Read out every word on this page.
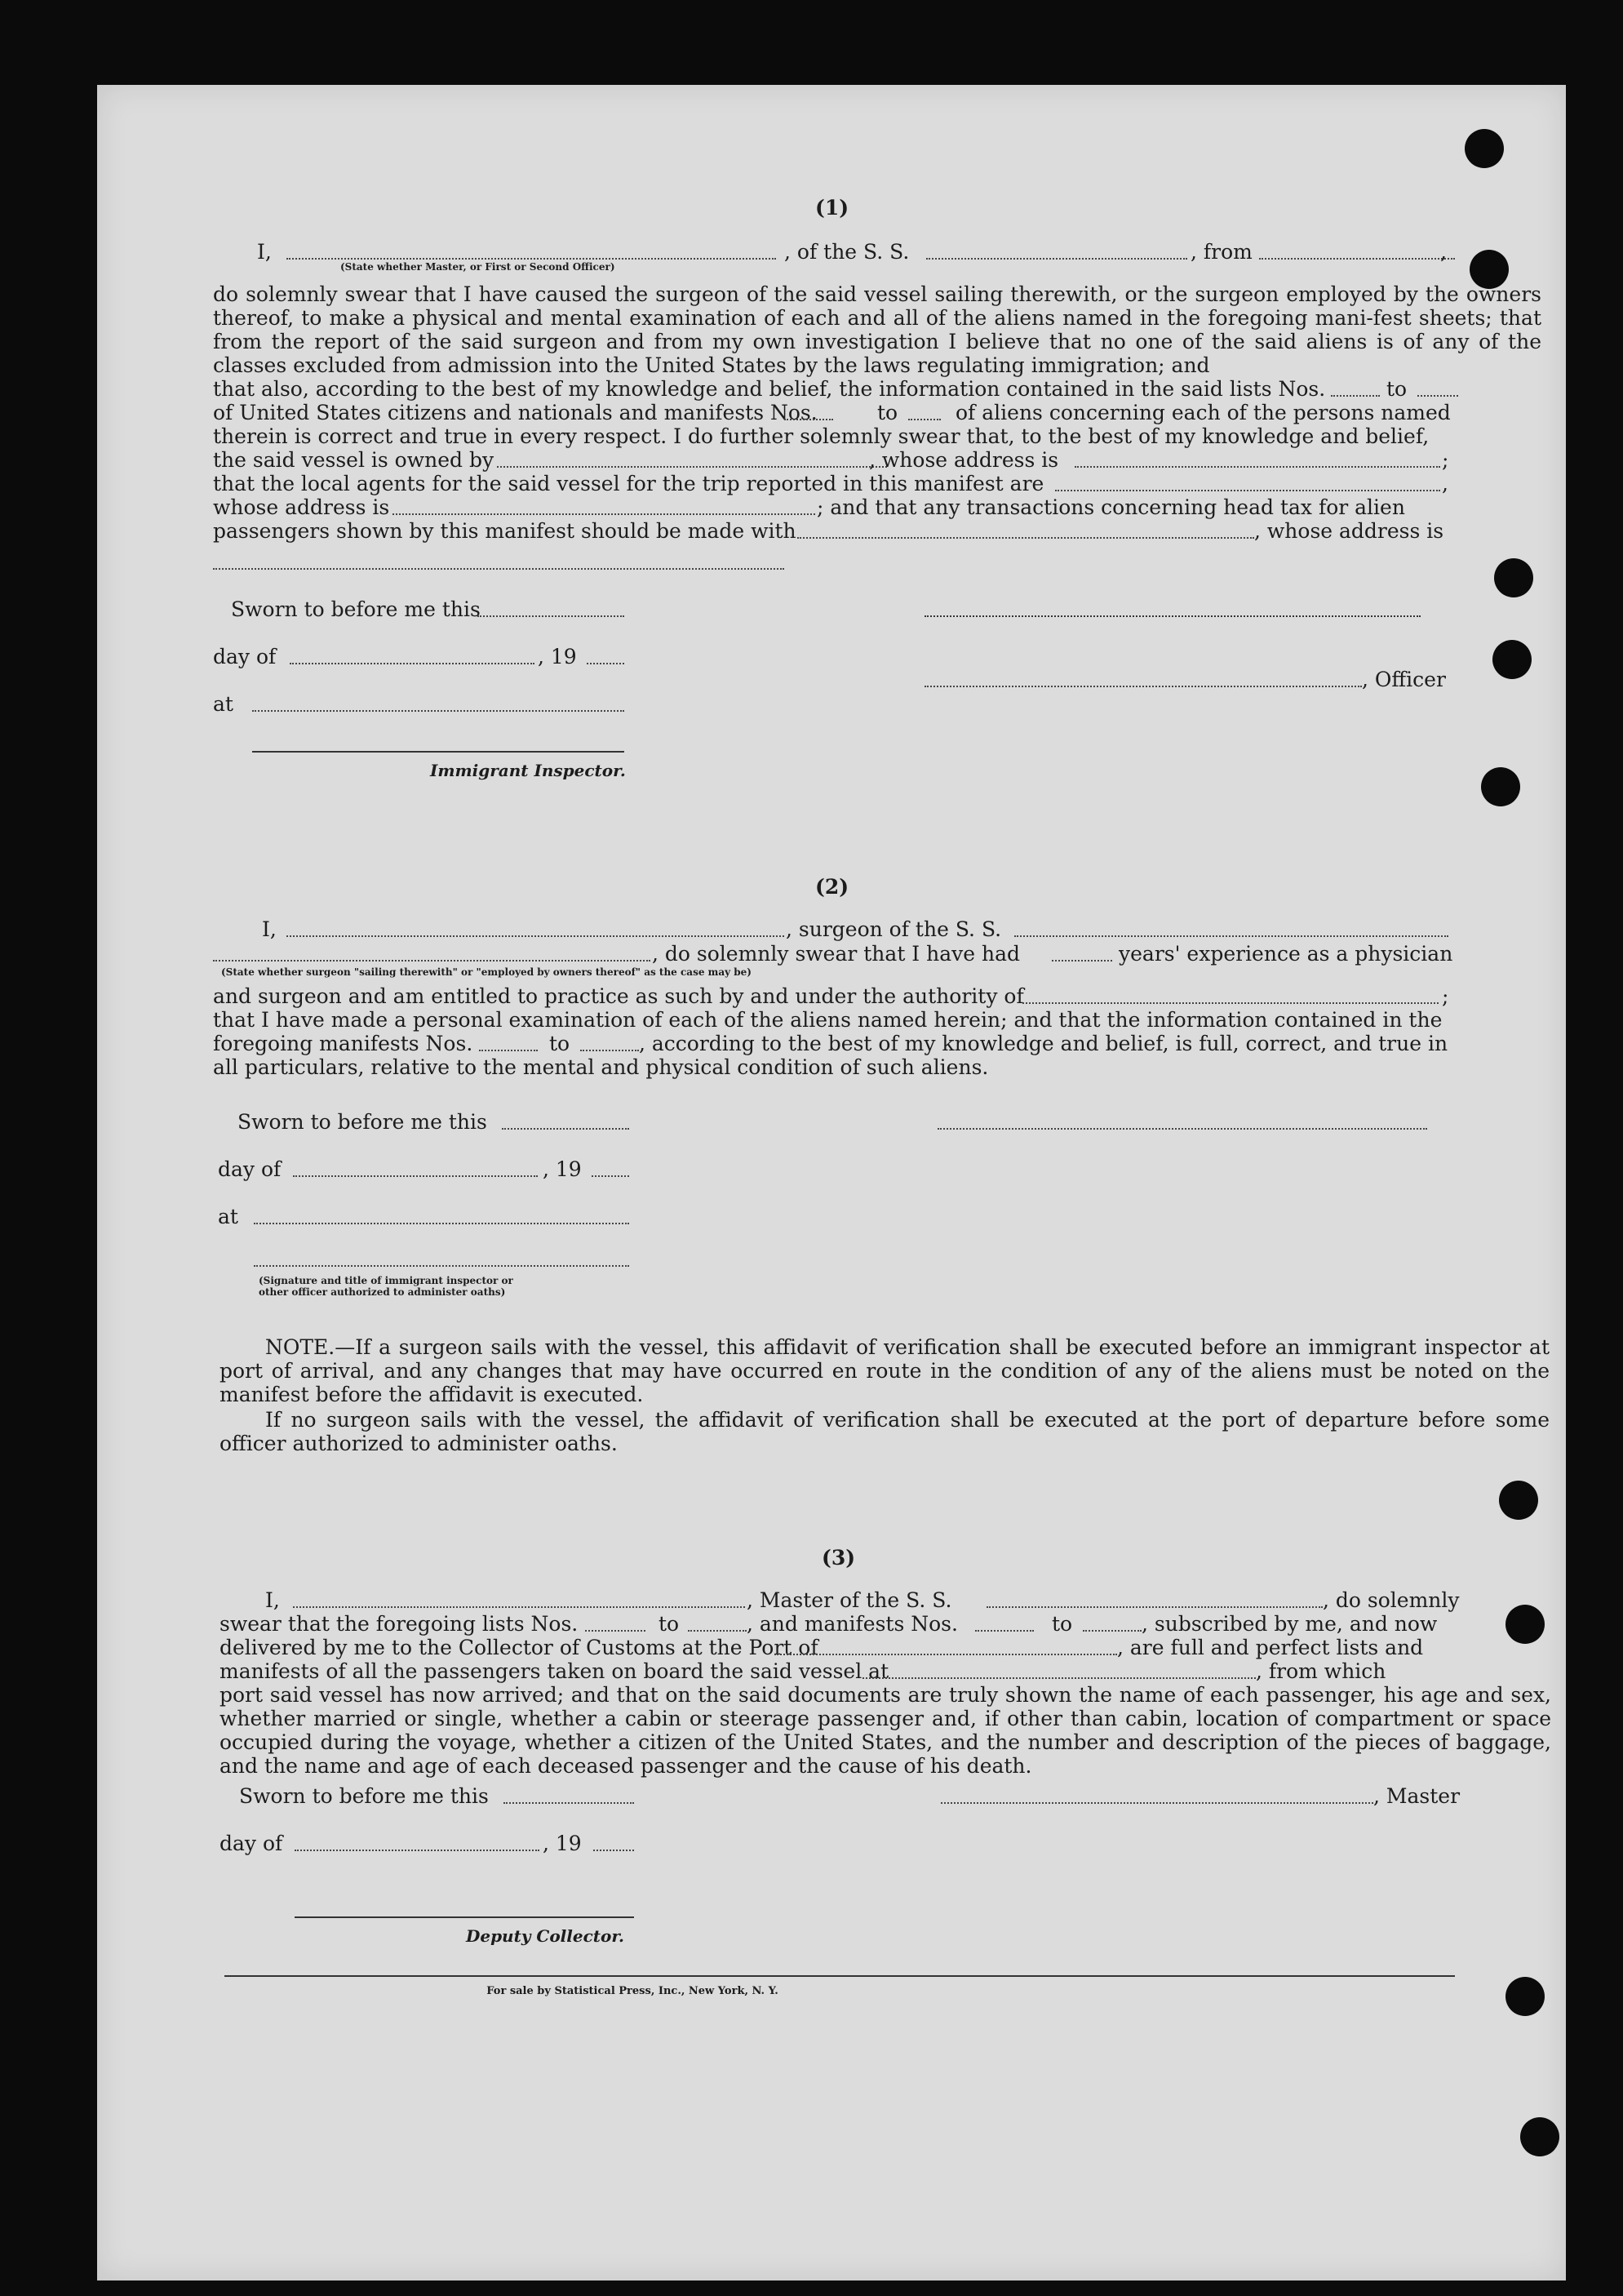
(1)
I,	, of the S. S.	, from	,
(State whether Master, or First or Second Officer)
do solemnly swear that I have caused the surgeon of the said vessel sailing therewith, or the surgeon employed by the owners thereof, to make a physical and mental examination of each and all of the aliens named in the foregoing mani-fest sheets; that from the report of the said surgeon and from my own investigation I believe that no one of the said aliens is of any of the classes excluded from admission into the United States by the laws regulating immigration; and
that also, according to the best of my knowledge and belief, the information contained in the said lists Nos.	to
of United States citizens and nationals and manifests Nos.	to	of aliens concerning each of the persons named
therein is correct and true in every respect. I do further solemnly swear that, to the best of my knowledge and belief,
the said vessel is owned by	, whose address is	;
that the local agents for the said vessel for the trip reported in this manifest are	,
whose address is	; and that any transactions concerning head tax for alien
passengers shown by this manifest should be made with	, whose address is
Sworn to before me this
day of	, 19
, Officer
at
Immigrant Inspector.
(2)
I,	, surgeon of the S. S.
, do solemnly swear that I have had	years' experience as a physician
(State whether surgeon "sailing therewith" or "employed by owners thereof" as the case may be)
and surgeon and am entitled to practice as such by and under the authority of	;
that I have made a personal examination of each of the aliens named herein; and that the information contained in the
foregoing manifests Nos.	to	, according to the best of my knowledge and belief, is full, correct, and true in
all particulars, relative to the mental and physical condition of such aliens.
Sworn to before me this
day of	, 19
at
(Signature and title of immigrant inspector or
other officer authorized to administer oaths)
NOTE.—If a surgeon sails with the vessel, this affidavit of verification shall be executed before an immigrant inspector at port of arrival, and any changes that may have occurred en route in the condition of any of the aliens must be noted on the manifest before the affidavit is executed.
If no surgeon sails with the vessel, the affidavit of verification shall be executed at the port of departure before some officer authorized to administer oaths.
(3)
I,	, Master of the S. S.	, do solemnly
swear that the foregoing lists Nos.	to	, and manifests Nos.	to	, subscribed by me, and now
delivered by me to the Collector of Customs at the Port of	, are full and perfect lists and
manifests of all the passengers taken on board the said vessel at	, from which
port said vessel has now arrived; and that on the said documents are truly shown the name of each passenger, his age and sex, whether married or single, whether a cabin or steerage passenger and, if other than cabin, location of compartment or space occupied during the voyage, whether a citizen of the United States, and the number and description of the pieces of baggage, and the name and age of each deceased passenger and the cause of his death.
Sworn to before me this	, Master
day of	, 19
Deputy Collector.
For sale by Statistical Press, Inc., New York, N. Y.
